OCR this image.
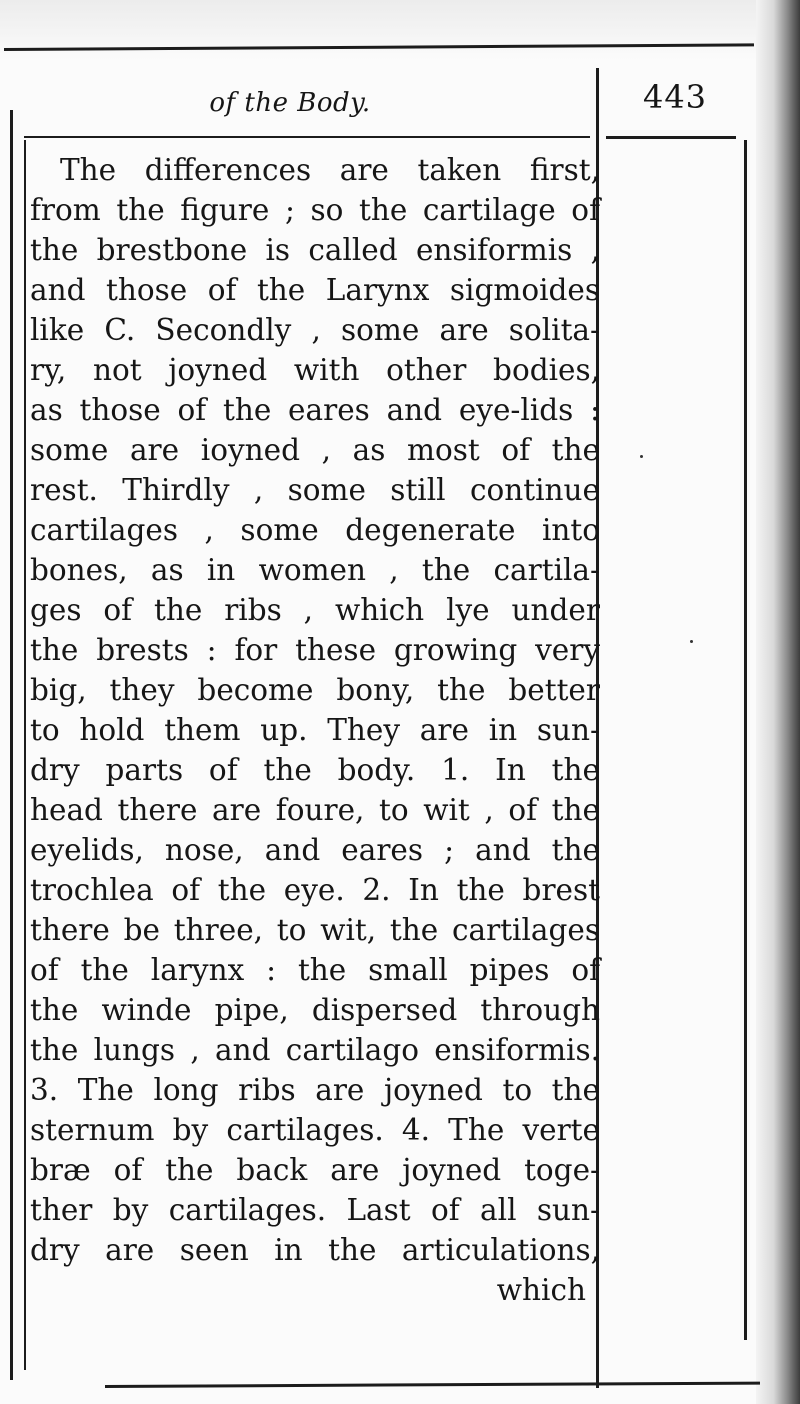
of the Body.	443
The differences are taken first,
from the figure ; so the cartilage of
the brestbone is called ensiformis ,
and those of the Larynx sigmoides
like C. Secondly , some are solita-
ry, not joyned with other bodies,
as those of the eares and eye-lids :
some are ioyned , as most of the
rest. Thirdly , some still continue
cartilages , some degenerate into
bones, as in women , the cartila-
ges of the ribs , which lye under
the brests : for these growing very
big, they become bony, the better
to hold them up. They are in sun-
dry parts of the body. 1. In the
head there are foure, to wit , of the
eyelids, nose, and eares ; and the
trochlea of the eye. 2. In the brest
there be three, to wit, the cartilages
of the larynx : the small pipes of
the winde pipe, dispersed through
the lungs , and cartilago ensiformis.
3. The long ribs are joyned to the
sternum by cartilages. 4. The verte
bræ of the back are joyned toge-
ther by cartilages. Last of all sun-
dry are seen in the articulations,
which
